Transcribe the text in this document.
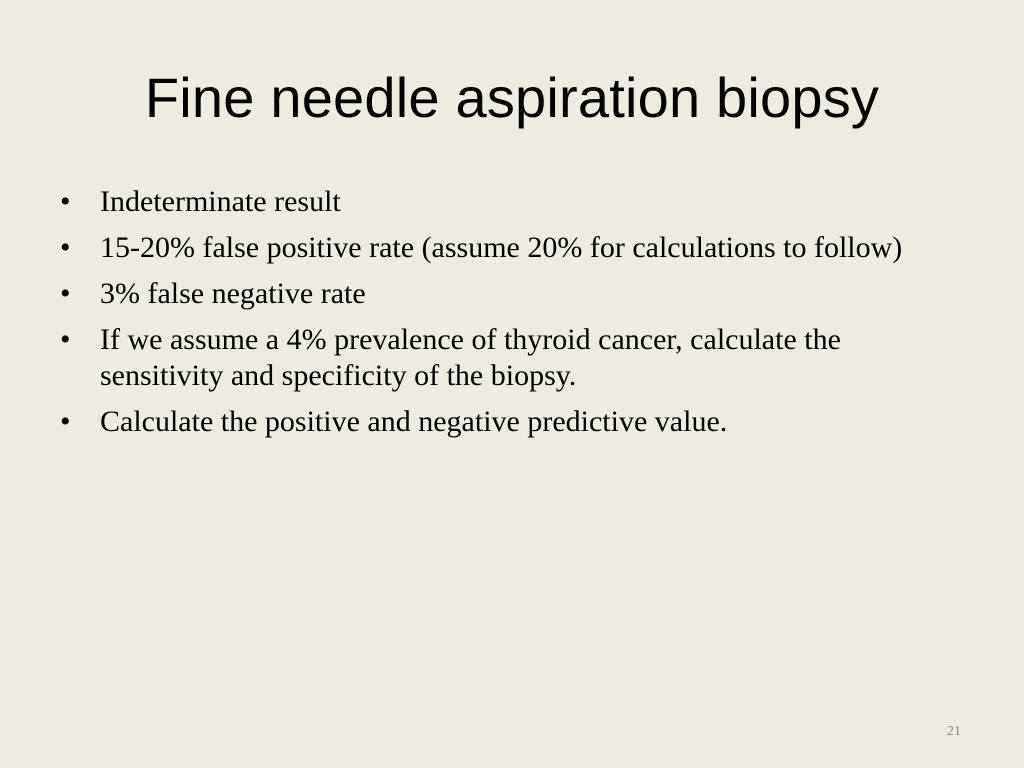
Fine needle aspiration biopsy
• Indeterminate result
• 15-20% false positive rate (assume 20% for calculations to follow)
• 3% false negative rate
• If we assume a 4% prevalence of thyroid cancer, calculate the sensitivity and specificity of the biopsy.
• Calculate the positive and negative predictive value.
21
